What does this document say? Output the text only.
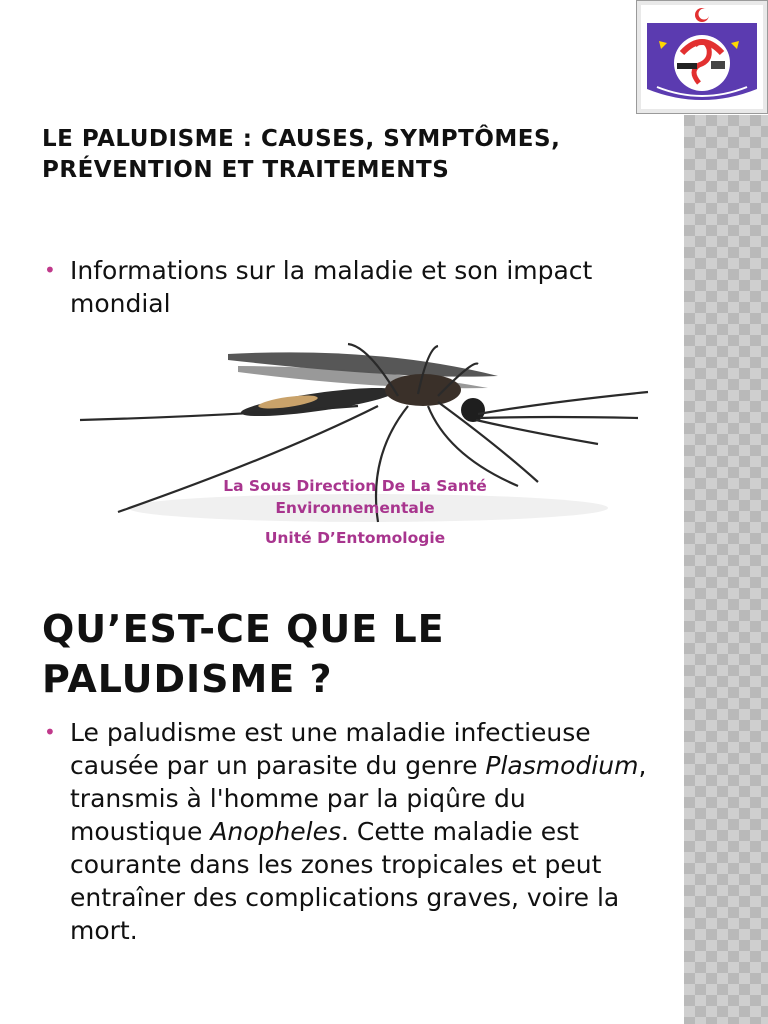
LE PALUDISME : CAUSES, SYMPTÔMES, PRÉVENTION ET TRAITEMENTS
• Informations sur la maladie et son impact mondial
La Sous Direction De La Santé Environnementale
Unité D’Entomologie
QU’EST-CE QUE LE PALUDISME ?
• Le paludisme est une maladie infectieuse causée par un parasite du genre Plasmodium, transmis à l'homme par la piqûre du moustique Anopheles. Cette maladie est courante dans les zones tropicales et peut entraîner des complications graves, voire la mort.
